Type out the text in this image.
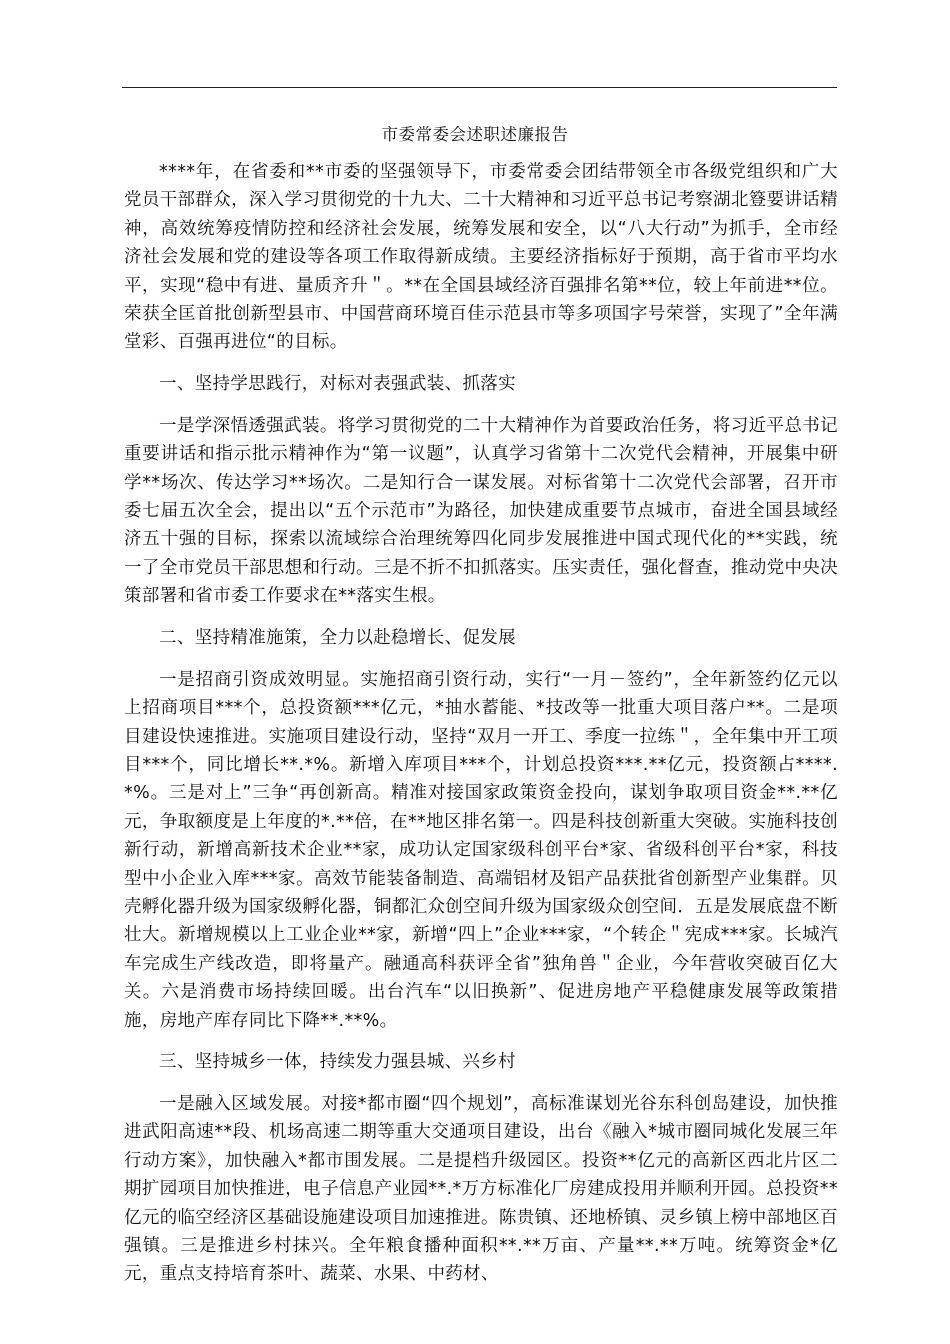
市委常委会述职述廉报告

****年，在省委和**市委的坚强领导下，市委常委会团结带领全市各级党组织和广大党员干部群众，深入学习贯彻党的十九大、二十大精神和习近平总书记考察湖北簦要讲话精神，高效统筹疫情防控和经济社会发展，统筹发展和安全，以“八大行动”为抓手，全市经济社会发展和党的建设等各项工作取得新成绩。主要经济指标好于预期，高于省市平均水平，实现“稳中有进、量质齐升＂。**在全国县域经济百强排名第**位，较上年前进**位。荣获全匡首批创新型县市、中国营商环境百佳示范县市等多项国字号荣誉，实现了”全年满堂彩、百强再进位“的目标。

一、坚持学思践行，对标对表强武装、抓落实

一是学深悟透强武装。将学习贯彻党的二十大精神作为首要政治任务，将习近平总书记重要讲话和指示批示精神作为“第一议题”，认真学习省第十二次党代会精神，开展集中研学**场次、传达学习**场次。二是知行合一谋发展。对标省第十二次党代会部署，召开市委七届五次全会，提出以“五个示范市”为路径，加快建成重要节点城市，奋进全国县域经济五十强的目标，探索以流域综合治理统筹四化同步发展推进中国式现代化的**实践，统一了全市党员干部思想和行动。三是不折不扣抓落实。压实责任，强化督查，推动党中央决策部署和省市委工作要求在**落实生根。

二、坚持精准施策，全力以赴稳增长、促发展

一是招商引资成效明显。实施招商引资行动，实行“一月－签约”，全年新签约亿元以上招商项目***个，总投资额***亿元，*抽水蓄能、*技改等一批重大项目落户**。二是项目建设快速推进。实施项目建设行动，坚持“双月一开工、季度一拉练＂，全年集中开工项目***个，同比增长**.*%。新增入库项目***个，计划总投资***.**亿元，投资额占****.*%。三是对上”三争“再创新高。精准对接国家政策资金投向，谋划争取项目资金**.**亿元，争取额度是上年度的*.**倍，在**地区排名第一。四是科技创新重大突破。实施科技创新行动，新增高新技术企业**家，成功认定国家级科创平台*家、省级科创平台*家，科技型中小企业入库***家。高效节能装备制造、高端铝材及铝产品获批省创新型产业集群。贝壳孵化器升级为国家级孵化器，铜都汇众创空间升级为国家级众创空间．五是发展底盘不断壮大。新增规模以上工业企业**家，新增“四上”企业***家，“个转企＂宪成***家。长城汽车完成生产线改造，即将量产。融通高科获评全省”独角兽＂企业，今年营收突破百亿大关。六是消费市场持续回暖。出台汽车“以旧换新”、促进房地产平稳健康发展等政策措施，房地产库存同比下降**.**%。

三、坚持城乡一体，持续发力强县城、兴乡村

一是融入区域发展。对接*都市圈“四个规划”，高标准谋划光谷东科创岛建设，加快推进武阳高速**段、机场高速二期等重大交通项目建设，出台《融入*城市圈同城化发展三年行动方案》，加快融入*都市围发展。二是提档升级园区。投资**亿元的高新区西北片区二期扩园项目加快推进，电子信息产业园**.*万方标准化厂房建成投用并顺利开园。总投资**亿元的临空经济区基础设施建设项目加速推进。陈贵镇、还地桥镇、灵乡镇上榜中部地区百强镇。三是推进乡村抹兴。全年粮食播种面积**.**万亩、产量**.**万吨。统筹资金*亿元，重点支持培育茶叶、蔬菜、水果、中药材、
